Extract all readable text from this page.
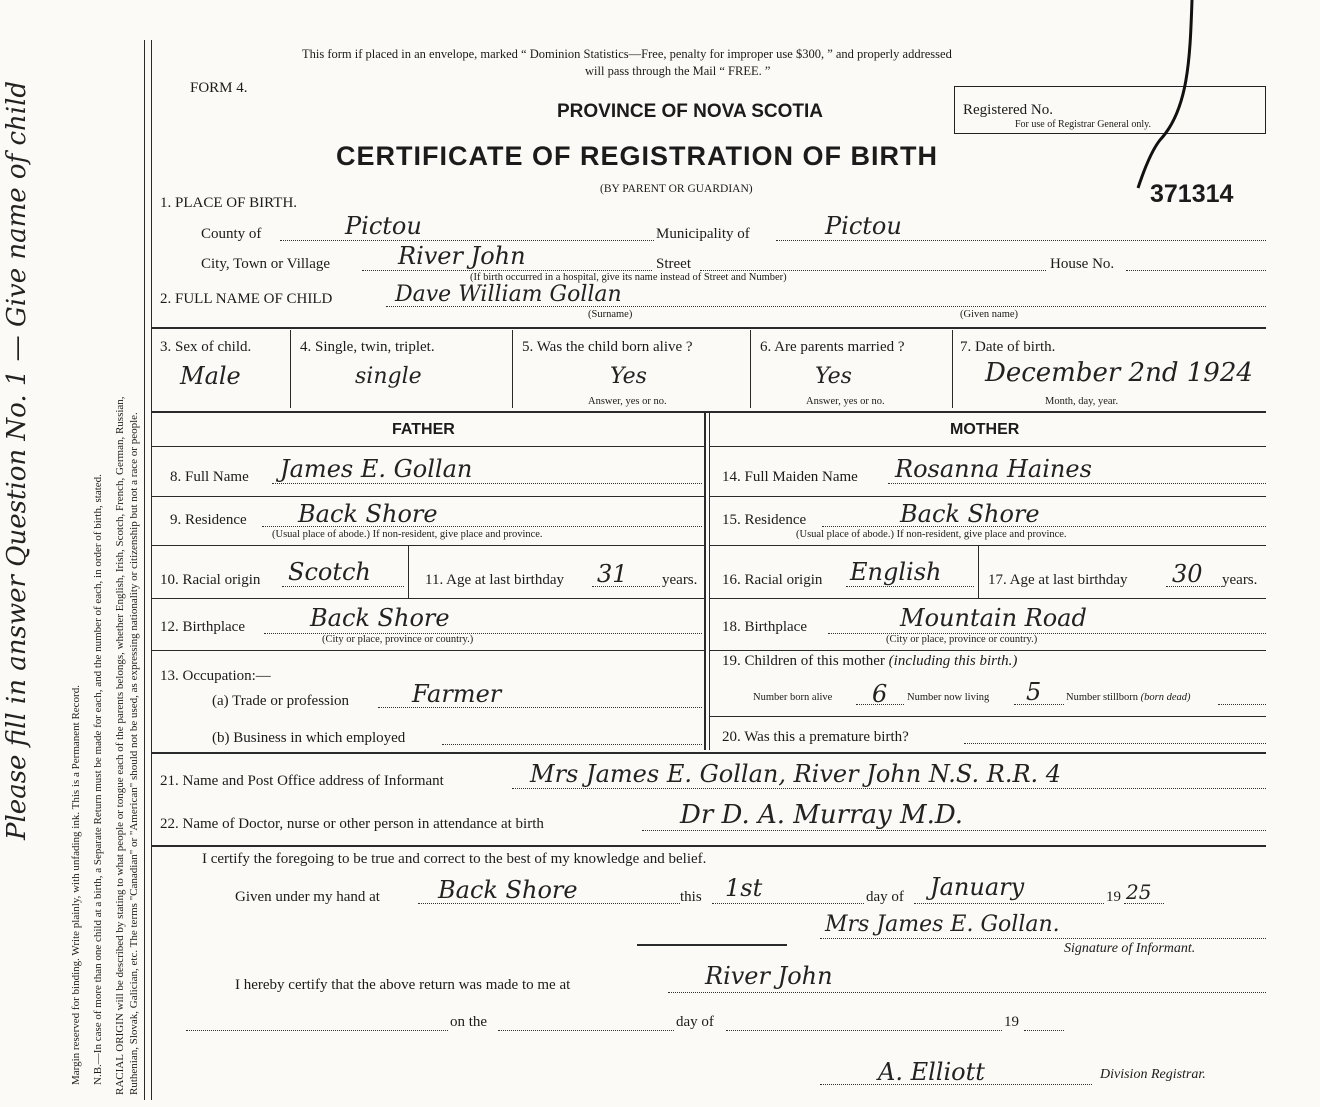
Margin reserved for binding. Write plainly, with unfading ink. This is a Permanent Record. N.B.—In case of more than one child at a birth, a Separate Return must be made for each, and the number of each, in order of birth, stated. RACIAL ORIGIN will be described by stating to what people or tongue each of the parents belongs, whether English, Irish, Scotch, French, German, Russian, Ruthenian, Slovak, Galician, etc. The terms "Canadian" or "American" should not be used, as expressing nationality or citizenship but not a race or people.
Please fill in answer Question No. 1 — Give name of child
This form if placed in an envelope, marked “ Dominion Statistics—Free, penalty for improper use $300, ” and properly addressed
will pass through the Mail “ FREE. ”
FORM 4.
PROVINCE OF NOVA SCOTIA
CERTIFICATE OF REGISTRATION OF BIRTH
(BY PARENT OR GUARDIAN)
Registered No.
For use of Registrar General only.
371314
1. PLACE OF BIRTH.
County of	Pictou	Municipality of	Pictou
City, Town or Village	River John
(If birth occurred in a hospital, give its name instead of Street and Number)
Street	House No.
2. FULL NAME OF CHILD	Dave William Gollan
(Surname)	(Given name)
3. Sex of child.
Male
4. Single, twin, triplet.
single
5. Was the child born alive ?
Yes
Answer, yes or no.
6. Are parents married ?
Yes
Answer, yes or no.
7. Date of birth.
December 2nd 1924
Month, day, year.
FATHER
8. Full Name James E. Gollan
9. Residence Back Shore
(Usual place of abode.) If non-resident, give place and province.
10. Racial origin Scotch	11. Age at last birthday 31 years.
12. Birthplace	Back Shore
(City or place, province or country.)
13. Occupation:—
(a) Trade or profession	Farmer
(b) Business in which employed
MOTHER
14. Full Maiden Name Rosanna Haines
15. Residence	Back Shore
(Usual place of abode.) If non-resident, give place and province.
16. Racial origin English	17. Age at last birthday 30 years.
18. Birthplace	Mountain Road
(City or place, province or country.)
19. Children of this mother (including this birth.)
Number born alive 6 Number now living 5 Number stillborn (born dead)
20. Was this a premature birth?
21. Name and Post Office address of Informant	Mrs James E. Gollan, River John N.S. R.R. 4
22. Name of Doctor, nurse or other person in attendance at birth	Dr D. A. Murray M.D.
I certify the foregoing to be true and correct to the best of my knowledge and belief.
Given under my hand at Back Shore	this 1st	day of January	19 25
Mrs James E. Gollan.
Signature of Informant.
I hereby certify that the above return was made to me at	River John
on the	day of	19
A. Elliott	Division Registrar.
